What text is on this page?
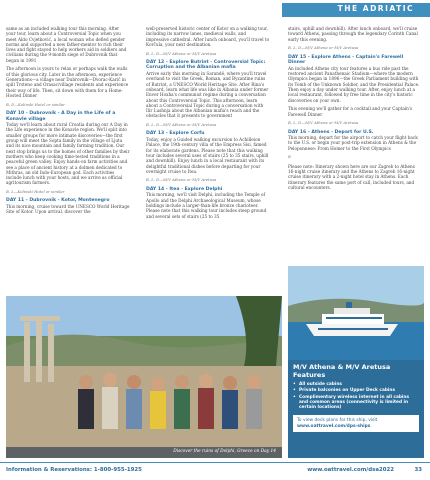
THE ADRIATIC

same as an included walking tour this morning. After your tour, learn about a Controversial Topic when you meet Aldo Cvjetković, a local woman who defied gender norms and supported a new father-mentor to rich their lives and fight stayed to help workers aid in soldiers and civilians during the 9-month siege of Dubrovnik that began in 1991

The afternoon is yours to relax or perhaps walk the walls of this glorious city. Later in the afternoon, experience Generations—a village near Dubrovnik—Dvorac-Karić in spill Trsteno and Orasac/village residents and experience their way of life. Then, sit down with them for a Home-Hosted Dinner

B, D—Kolinski Hotel or similar

DAY 10 - Dubrovnik - A Day in the Life of a Konavle village

Today we'll learn about rural Croatia during our A Day in the Life experience in the Konavle region. We'll split into smaller groups for more intimate discoveries—the first group will meet the Sopta family in the village of Ljuta and its nice mountain and family farming tradition. Our next stop brings us to the homes of other families by their mothers who keep cooking time-tested traditions in a peaceful green valley. Enjoy hands-on farm activities and see a place of ancient history at a dolmen dedicated to Mithras, an old Indo-European god. Each activities include lunch with your hosts, and we arrive as official agritourism farmers.

B, L—Kolinski Hotel or similar

DAY 11 - Dubrovnik - Kotor, Montenegro

This morning, cruise toward the UNESCO World Heritage Site of Kotor. Upon arrival, discover the

well-preserved historic center of Kotor on a walking tour, including its narrow lanes, medieval walls, and impressive cathedral. After lunch onboard, you'll travel to Korčula, your next destination.

B, L, D—M/V Athena or M/V Aretusa

DAY 12 - Explore Butrint - Controversial Topic: Corruption and the Albanian mafia

Arrive early this morning in Sarandë, where you'll travel overland to visit the Greek, Roman, and Byzantine ruins of Butrint, a UNESCO World Heritage Site. After Rina's onboard, learn what life was like in Albania under former Enver Hoxha's communist regime during a conversation about this Controversial Topic. This afternoon, learn about a Controversial Topic during a conversation with Ilir Lushnja about the Albanian mafia's reach and the obstacles that it presents to government

B, L, D—M/V Athena or M/V Aretusa

DAY 13 - Explore Corfu

Today, enjoy a Guided walking excursion to Achilleion Palace, the 19th-century villa of the Empress Sisi, famed for its elaborate gardens. Please note that this walking tour includes several uses of stairs (25 to 35 stairs, uphill and downhill). Enjoy lunch in a local restaurant with its delightful traditional dishes before departing for your overnight cruise to Itea.

B, L, D—M/V Athena or M/V Aretusa

DAY 14 - Itea - Explore Delphi

This morning, we'll visit Delphi, including the Temple of Apollo and the Delphi Archaeological Museum, whose holdings include a larger-than-life bronze charioteer. Please note that this walking tour includes steep ground and several sets of stairs (25 to 35

stairs, uphill and downhill). After lunch onboard, we'll cruise toward Athens, passing through the legendary Corinth Canal early this evening.

B, L, D—M/V Athena or M/V Aretusa

DAY 15 - Explore Athens - Captain's Farewell Dinner

An included Athens city tour features a bus ride past the restored ancient Panathenaic Stadium—where the modern Olympics began in 1896—the Greek Parliament building with its Tomb of the Unknown Soldier, and the Presidential Palace. Then enjoy a day under walking tour. After, enjoy lunch at a local restaurant, followed by free time in the city's historic discoveries on your own.

This evening we'll gather for a cocktail and your Captain's Farewell Dinner

B, L, D—M/V Athena or M/V Aretusa

DAY 16 - Athens - Depart for U.S.

This morning, depart for the airport to catch your flight back to the U.S. or begin your post-trip extension in Athens & the Peloponnese: From Homer to the First Olympics

B

Please note: Itinerary shown here are our Zagreb to Athens 16-night cruise itinerary and the Athens to Zagreb 16-night cruise itinerary with a 2-night hotel stay in Athens. Each itinerary features the same port of call, included tours, and cultural encounters.

Discover the ruins of Delphi, Greece on Day 14
M/V Athena & M/V Aretusa Features
• All outside cabins
• Private balconies on Upper Deck cabins
• Complimentary wireless internet in all cabins and common areas (connectivity is limited in certain locations)
To view deck plans for this ship, visit www.oattravel.com/dps-ships
Information & Reservations: 1-800-955-1925	www.oattravel.com/dsa2022	33
